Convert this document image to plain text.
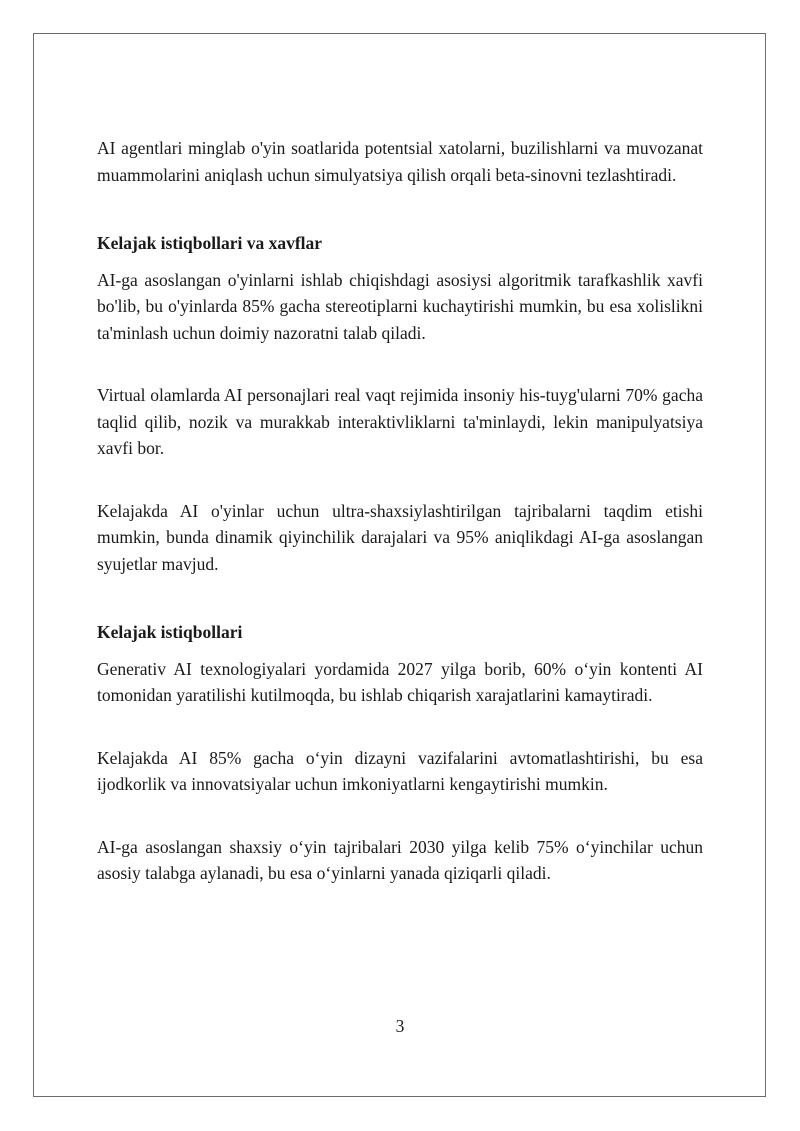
AI agentlari minglab o'yin soatlarida potentsial xatolarni, buzilishlarni va muvozanat muammolarini aniqlash uchun simulyatsiya qilish orqali beta-sinovni tezlashtiradi.

Kelajak istiqbollari va xavflar

AI-ga asoslangan o'yinlarni ishlab chiqishdagi asosiysi algoritmik tarafkashlik xavfi bo'lib, bu o'yinlarda 85% gacha stereotiplarni kuchaytirishi mumkin, bu esa xolislikni ta'minlash uchun doimiy nazoratni talab qiladi.

Virtual olamlarda AI personajlari real vaqt rejimida insoniy his-tuyg'ularni 70% gacha taqlid qilib, nozik va murakkab interaktivliklarni ta'minlaydi, lekin manipulyatsiya xavfi bor.

Kelajakda AI o'yinlar uchun ultra-shaxsiylashtirilgan tajribalarni taqdim etishi mumkin, bunda dinamik qiyinchilik darajalari va 95% aniqlikdagi AI-ga asoslangan syujetlar mavjud.

Kelajak istiqbollari

Generativ AI texnologiyalari yordamida 2027 yilga borib, 60% o‘yin kontenti AI tomonidan yaratilishi kutilmoqda, bu ishlab chiqarish xarajatlarini kamaytiradi.

Kelajakda AI 85% gacha o‘yin dizayni vazifalarini avtomatlashtirishi, bu esa ijodkorlik va innovatsiyalar uchun imkoniyatlarni kengaytirishi mumkin.

AI-ga asoslangan shaxsiy o‘yin tajribalari 2030 yilga kelib 75% o‘yinchilar uchun asosiy talabga aylanadi, bu esa o‘yinlarni yanada qiziqarli qiladi.

3
